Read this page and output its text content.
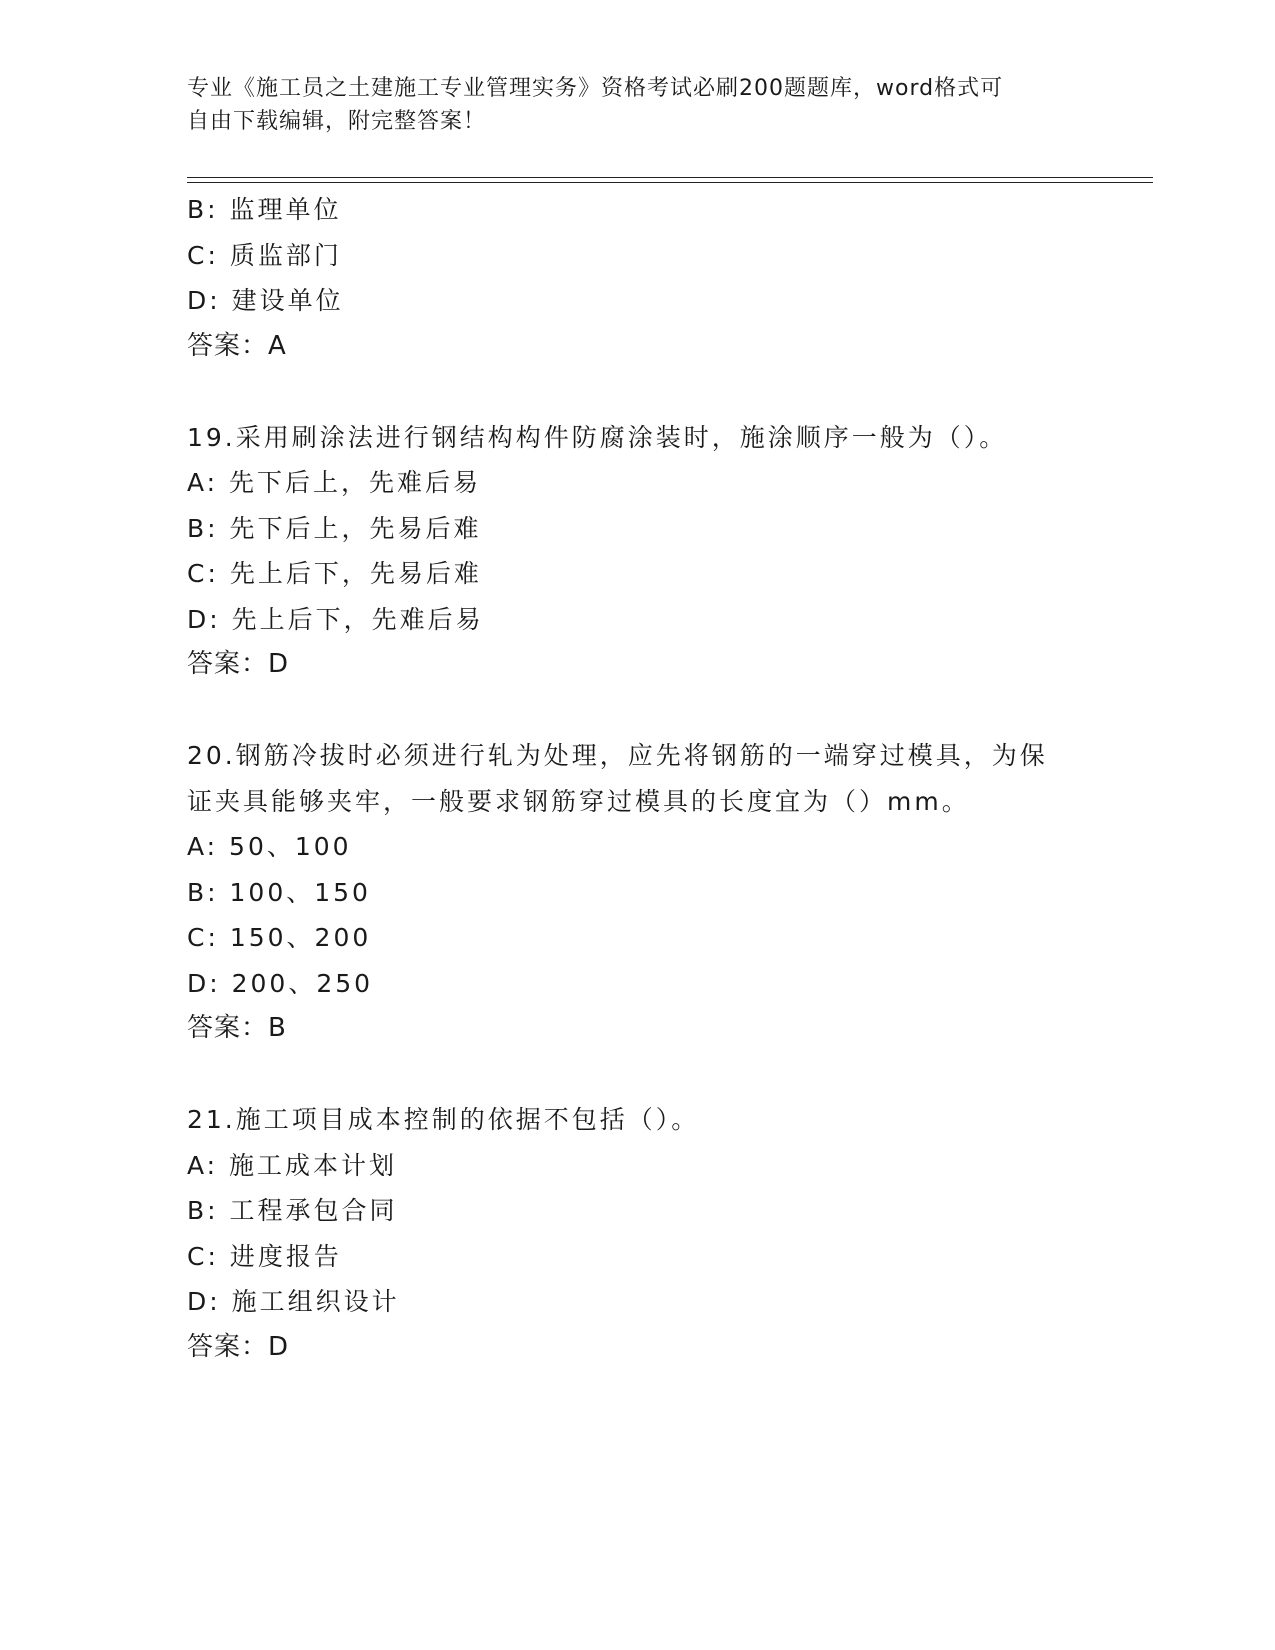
专业《施工员之土建施工专业管理实务》资格考试必刷200题题库，word格式可
自由下载编辑，附完整答案！
B: 监理单位
C: 质监部门
D: 建设单位
答案：A
19.采用刷涂法进行钢结构构件防腐涂装时，施涂顺序一般为（）。
A: 先下后上，先难后易
B: 先下后上，先易后难
C: 先上后下，先易后难
D: 先上后下，先难后易
答案：D
20.钢筋冷拔时必须进行轧为处理，应先将钢筋的一端穿过模具，为保
证夹具能够夹牢，一般要求钢筋穿过模具的长度宜为（）mm。
A: 50、100
B: 100、150
C: 150、200
D: 200、250
答案：B
21.施工项目成本控制的依据不包括（）。
A: 施工成本计划
B: 工程承包合同
C: 进度报告
D: 施工组织设计
答案：D
